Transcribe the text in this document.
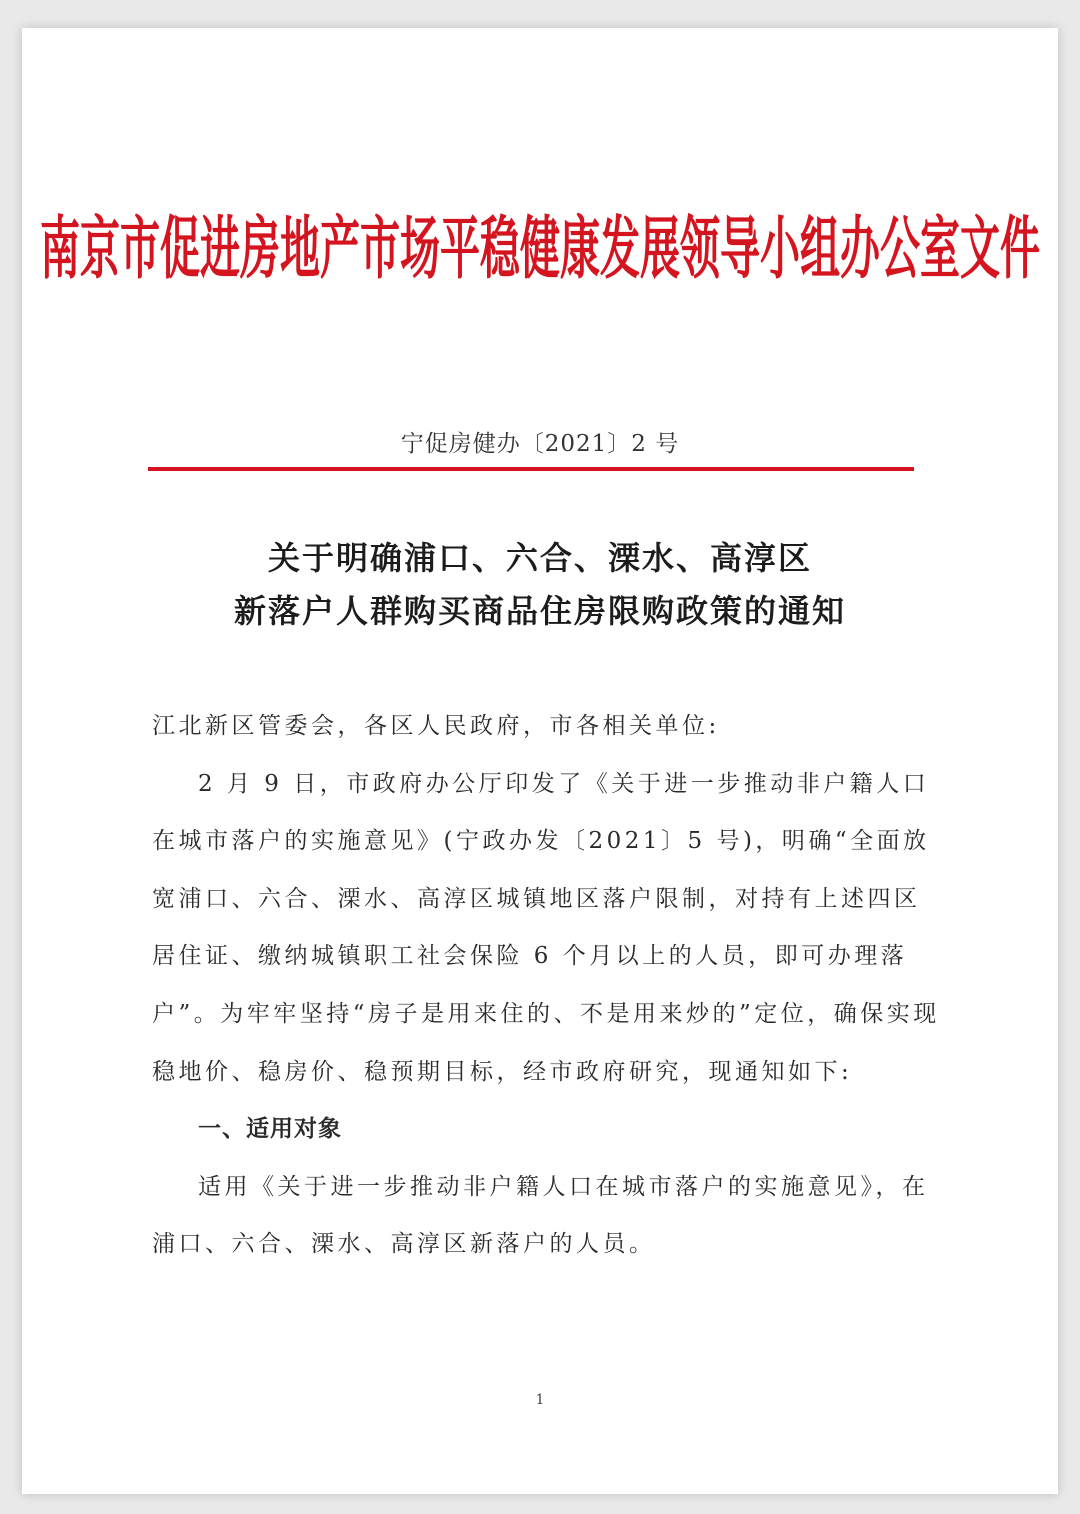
南京市促进房地产市场平稳健康发展领导小组办公室文件
宁促房健办〔2021〕2 号
关于明确浦口、六合、溧水、高淳区
新落户人群购买商品住房限购政策的通知

江北新区管委会，各区人民政府，市各相关单位:

2 月 9 日，市政府办公厅印发了《关于进一步推动非户籍人口在城市落户的实施意见》(宁政办发〔2021〕5 号)，明确“全面放宽浦口、六合、溧水、高淳区城镇地区落户限制，对持有上述四区居住证、缴纳城镇职工社会保险 6 个月以上的人员，即可办理落户”。为牢牢坚持“房子是用来住的、不是用来炒的”定位，确保实现稳地价、稳房价、稳预期目标，经市政府研究，现通知如下:

一、适用对象

适用《关于进一步推动非户籍人口在城市落户的实施意见》，在浦口、六合、溧水、高淳区新落户的人员。

1
